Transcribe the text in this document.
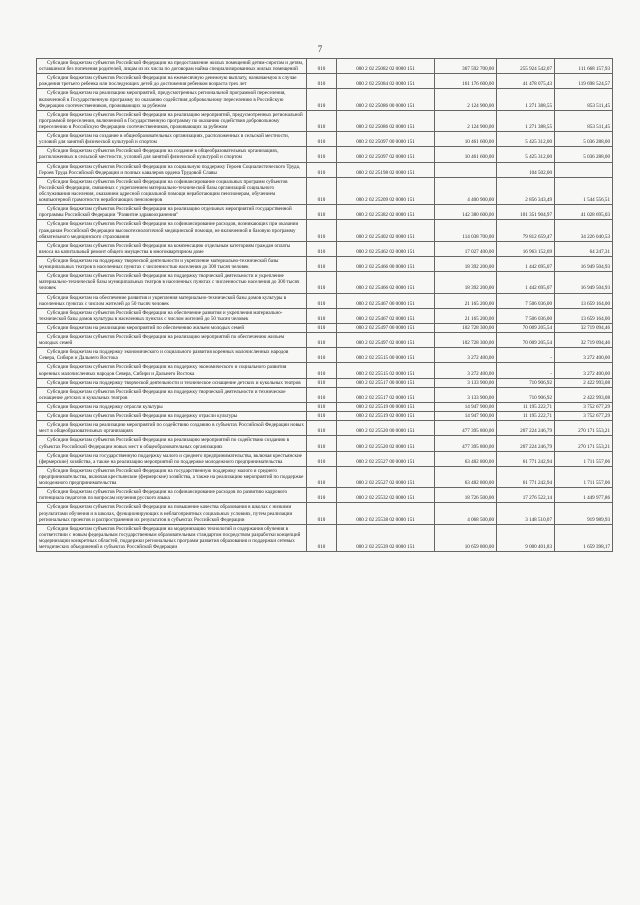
7
Субсидии бюджетам субъектов Российской Федерации на предоставление жилых помещений детям-сиротам и детям, оставшимся без попечения родителей, лицам из их числа по договорам найма специализированных жилых помещений	010	000 2 02 25082 02 0000 151	367 592 700,00	255 924 542,07	111 668 157,93

Субсидии бюджетам субъектов Российской Федерации на ежемесячную денежную выплату, назначаемую в случае рождения третьего ребенка или последующих детей до достижения ребенком возраста трех лет	010	000 2 02 25084 02 0000 151	161 176 600,00	41 478 075,43	119 698 524,57

Субсидии бюджетам на реализацию мероприятий, предусмотренных региональной программой переселения, включенной в Государственную программу по оказанию содействия добровольному переселению в Российскую Федерацию соотечественников, проживающих за рубежом	010	000 2 02 25086 00 0000 151	2 124 900,00	1 271 388,55	853 511,45

Субсидии бюджетам субъектов Российской Федерации на реализацию мероприятий, предусмотренных региональной программой переселения, включенной в Государственную программу по оказанию содействия добровольному переселению в Российскую Федерацию соотечественников, проживающих за рубежом	010	000 2 02 25086 02 0000 151	2 124 900,00	1 271 388,55	853 511,45

Субсидии бюджетам на создание в общеобразовательных организациях, расположенных в сельской местности, условий для занятий физической культурой и спортом	010	000 2 02 25097 00 0000 151	10 461 600,00	5 425 312,00	5 036 288,00

Субсидии бюджетам субъектов Российской Федерации на создание в общеобразовательных организациях, расположенных в сельской местности, условий для занятий физической культурой и спортом	010	000 2 02 25097 02 0000 151	10 461 600,00	5 425 312,00	5 036 288,00

Субсидии бюджетам субъектов Российской Федерации на социальную поддержку Героев Социалистического Труда, Героев Труда Российской Федерации и полных кавалеров ордена Трудовой Славы	010	000 2 02 25198 02 0000 151		104 502,00	

Субсидии бюджетам субъектов Российской Федерации на софинансирование социальных программ субъектов Российской Федерации, связанных с укреплением материально-технической базы организаций социального обслуживания населения, оказанием адресной социальной помощи неработающим пенсионерам, обучением компьютерной грамотности неработающих пенсионеров	010	000 2 02 25209 02 0000 151	4 400 900,00	2 856 343,49	1 544 556,51

Субсидии бюджетам субъектов Российской Федерации на реализацию отдельных мероприятий государственной программы Российской Федерации "Развитие здравоохранения"	010	000 2 02 25382 02 0000 151	142 380 600,00	101 351 904,97	41 028 695,03

Субсидии бюджетам субъектов Российской Федерации на софинансирование расходов, возникающих при оказании гражданам Российской Федерации высокотехнологичной медицинской помощи, не включенной в базовую программу обязательного медицинского страхования	010	000 2 02 25402 02 0000 151	114 038 700,00	79 812 659,47	34 226 040,53

Субсидии бюджетам субъектов Российской Федерации на компенсацию отдельным категориям граждан оплаты взноса на капитальный ремонт общего имущества в многоквартирном доме	010	000 2 02 25462 02 0000 151	17 027 400,00	16 963 152,69	64 247,31

Субсидии бюджетам на поддержку творческой деятельности и укрепление материально-технической базы муниципальных театров в населенных пунктах с численностью населения до 300 тысяч человек	010	000 2 02 25466 00 0000 151	18 392 200,00	1 442 695,07	16 949 504,93

Субсидии бюджетам субъектов Российской Федерации на поддержку творческой деятельности и укрепление материально-технической базы муниципальных театров в населенных пунктах с численностью населения до 300 тысяч человек	010	000 2 02 25466 02 0000 151	18 392 200,00	1 442 695,07	16 949 504,93

Субсидии бюджетам на обеспечение развития и укрепления материально-технической базы домов культуры в населенных пунктах с числом жителей до 50 тысяч человек	010	000 2 02 25467 00 0000 151	21 165 200,00	7 506 036,00	13 659 164,00

Субсидии бюджетам субъектов Российской Федерации на обеспечение развития и укрепления материально-технической базы домов культуры в населенных пунктах с числом жителей до 50 тысяч человек	010	000 2 02 25467 02 0000 151	21 165 200,00	7 506 036,00	13 659 164,00

Субсидии бюджетам на реализацию мероприятий по обеспечению жильем молодых семей	010	000 2 02 25497 00 0000 151	102 728 300,00	70 009 205,54	32 719 094,46

Субсидии бюджетам субъектов Российской Федерации на реализацию мероприятий по обеспечению жильем молодых семей	010	000 2 02 25497 02 0000 151	102 728 300,00	70 009 205,54	32 719 094,46

Субсидии бюджетам на поддержку экономического и социального развития коренных малочисленных народов Севера, Сибири и Дальнего Востока	010	000 2 02 25515 00 0000 151	3 272 400,00	-	3 272 400,00

Субсидии бюджетам субъектов Российской Федерации на поддержку экономического и социального развития коренных малочисленных народов Севера, Сибири и Дальнего Востока	010	000 2 02 25515 02 0000 151	3 272 400,00	-	3 272 400,00

Субсидии бюджетам на поддержку творческой деятельности и техническое оснащение детских и кукольных театров	010	000 2 02 25517 00 0000 151	3 133 900,00	710 906,92	2 422 993,08

Субсидии бюджетам субъектов Российской Федерации на поддержку творческой деятельности и техническое оснащение детских и кукольных театров	010	000 2 02 25517 02 0000 151	3 133 900,00	710 906,92	2 422 993,08

Субсидии бюджетам на поддержку отрасли культуры	010	000 2 02 25519 00 0000 151	14 947 900,00	11 195 222,71	3 752 677,29

Субсидии бюджетам субъектов Российской Федерации на поддержку отрасли культуры	010	000 2 02 25519 02 0000 151	14 947 900,00	11 195 222,71	3 752 677,29

Субсидии бюджетам на реализацию мероприятий по содействию созданию в субъектах Российской Федерации новых мест в общеобразовательных организациях	010	000 2 02 25520 00 0000 151	477 395 800,00	207 224 246,79	270 171 553,21

Субсидии бюджетам субъектов Российской Федерации на реализацию мероприятий по содействию созданию в субъектах Российской Федерации новых мест в общеобразовательных организациях	010	000 2 02 25520 02 0000 151	477 395 800,00	207 224 246,79	270 171 553,21

Субсидии бюджетам на государственную поддержку малого и среднего предпринимательства, включая крестьянские (фермерские) хозяйства, а также на реализацию мероприятий по поддержке молодежного предпринимательства	010	000 2 02 25527 00 0000 151	63 482 800,00	61 771 242,94	1 711 557,06

Субсидии бюджетам субъектов Российской Федерации на государственную поддержку малого и среднего предпринимательства, включая крестьянские (фермерские) хозяйства, а также на реализацию мероприятий по поддержке молодежного предпринимательства	010	000 2 02 25527 02 0000 151	63 482 800,00	61 771 242,94	1 711 557,06

Субсидии бюджетам субъектов Российской Федерации на софинансирование расходов по развитию кадрового потенциала педагогов по вопросам изучения русского языка	010	000 2 02 25532 02 0000 151	18 726 500,00	17 276 522,14	1 449 977,86

Субсидии бюджетам субъектов Российской Федерации на повышение качества образования в школах с низкими результатами обучения и в школах, функционирующих в неблагоприятных социальных условиях, путем реализации региональных проектов и распространения их результатов в субъектах Российской Федерации	010	000 2 02 25538 02 0000 151	4 068 500,00	3 148 510,07	919 989,93

Субсидии бюджетам субъектов Российской Федерации на модернизацию технологий и содержания обучения в соответствии с новым федеральным государственным образовательным стандартом посредством разработки концепций модернизации конкретных областей, поддержки региональных программ развития образования и поддержки сетевых методических объединений в субъектах Российской Федерации	010	000 2 02 25539 02 0000 151	10 659 800,00	9 000 401,83	1 659 398,17
